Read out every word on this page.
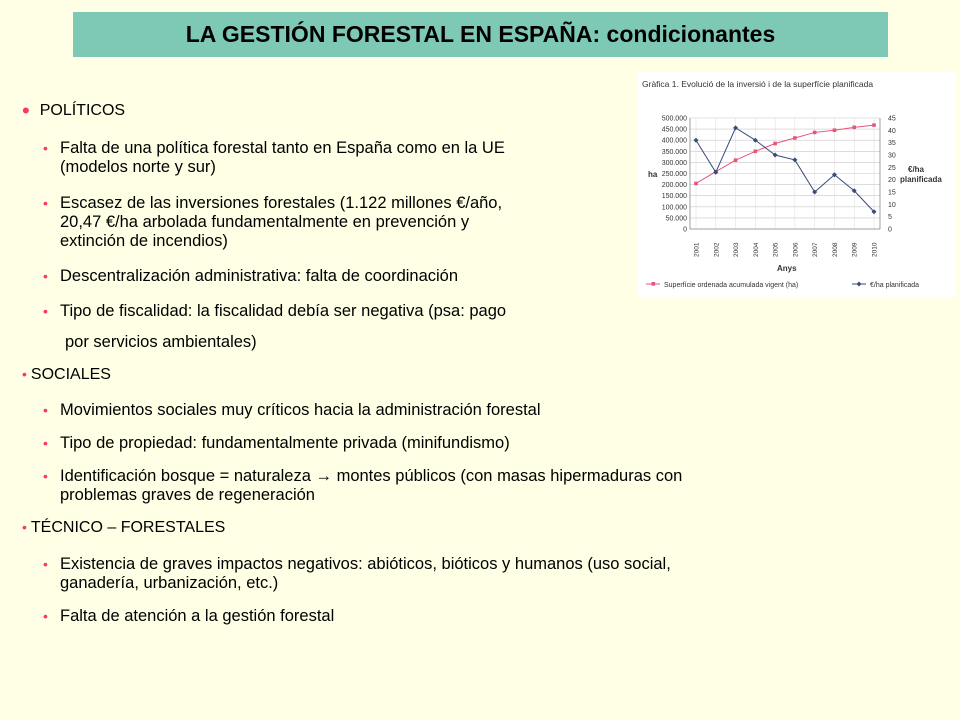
LA GESTIÓN FORESTAL EN ESPAÑA: condicionantes
• POLÍTICOS
• Falta de una política forestal tanto en España como en la UE
(modelos norte y sur)
• Escasez de las inversiones forestales (1.122 millones €/año,
20,47 €/ha arbolada fundamentalmente en prevención y
extinción de incendios)
• Descentralización administrativa: falta de coordinación
• Tipo de fiscalidad: la fiscalidad debía ser negativa (psa: pago
por servicios ambientales)
• SOCIALES
• Movimientos sociales muy críticos hacia la administración forestal
• Tipo de propiedad: fundamentalmente privada (minifundismo)
• Identificación bosque = naturaleza → montes públicos (con masas hipermaduras con
problemas graves de regeneración
• TÉCNICO – FORESTALES
• Existencia de graves impactos negativos: abióticos, bióticos y humanos (uso social,
ganadería, urbanización, etc.)
• Falta de atención a la gestión forestal
Gràfica 1. Evolució de la inversió i de la superfície planificada
500.000
450.000
400.000
350.000
300.000
250.000
200.000
150.000
100.000
50.000
0
45
40
35
30
25
20
15
10
5
0
2001 2002 2003 2004 2005 2006 2007 2008 2009 2010
ha
€/ha
planificada
Anys
Superfície ordenada acumulada vigent (ha)	€/ha planificada
